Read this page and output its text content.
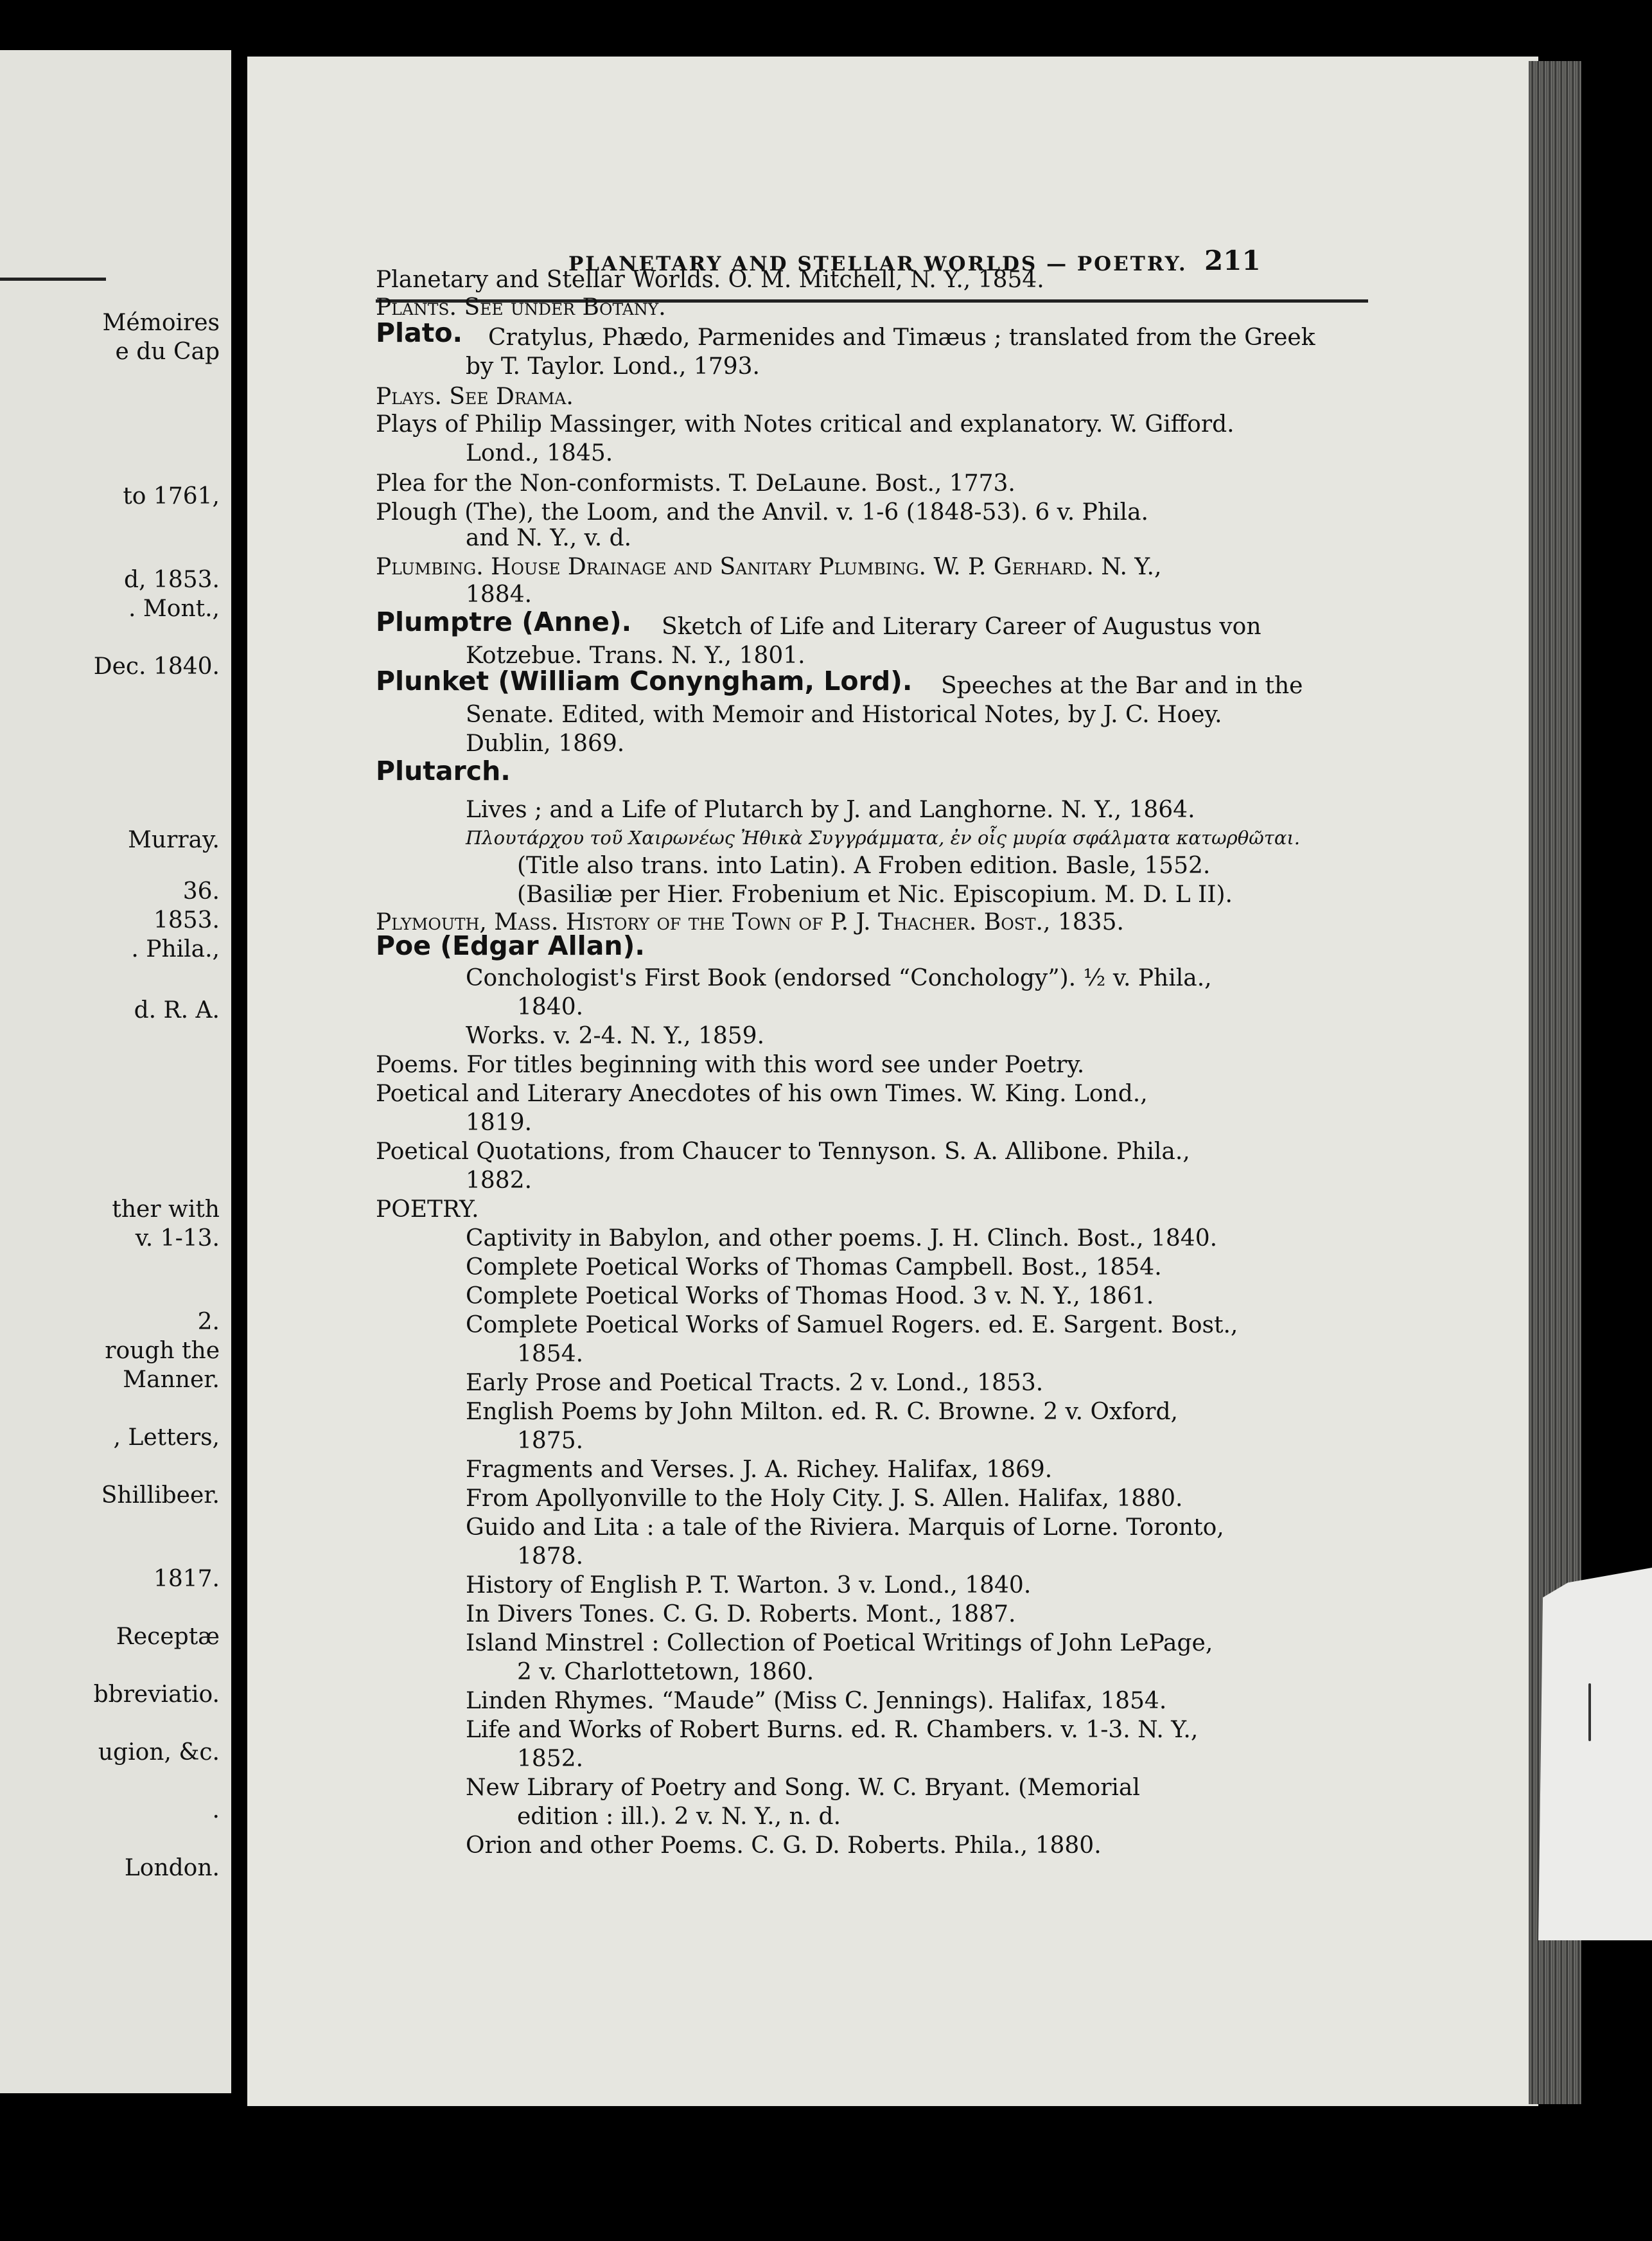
Mémoires
e du Cap
to 1761,
d, 1853.
. Mont.,
Dec. 1840.
Murray.
36.
1853.
. Phila.,
d. R. A.
ther with
v. 1-13.
2.
rough the
Manner.
, Letters,
Shillibeer.
1817.
Receptæ
bbreviatio.
ugion, &c.
.
London.
PLANETARY AND STELLAR WORLDS — POETRY. 211
Planetary and Stellar Worlds. O. M. Mitchell, N. Y., 1854.
Plants. See under Botany.
Plato. Cratylus, Phædo, Parmenides and Timæus ; translated from the Greek
by T. Taylor. Lond., 1793.
Plays. See Drama.
Plays of Philip Massinger, with Notes critical and explanatory. W. Gifford.
Lond., 1845.
Plea for the Non-conformists. T. DeLaune. Bost., 1773.
Plough (The), the Loom, and the Anvil. v. 1-6 (1848-53). 6 v. Phila.
and N. Y., v. d.
Plumbing. House Drainage and Sanitary Plumbing. W. P. Gerhard. N. Y.,
1884.
Plumptre (Anne). Sketch of Life and Literary Career of Augustus von
Kotzebue. Trans. N. Y., 1801.
Plunket (William Conyngham, Lord). Speeches at the Bar and in the
Senate. Edited, with Memoir and Historical Notes, by J. C. Hoey.
Dublin, 1869.
Plutarch.
Lives ; and a Life of Plutarch by J. and Langhorne. N. Y., 1864.
Πλουτάρχου τοῦ Χαιρωνέως Ἠθικὰ Συγγράμματα, ἐν οἷς μυρία σφάλματα κατωρθῶται.
(Title also trans. into Latin). A Froben edition. Basle, 1552.
(Basiliæ per Hier. Frobenium et Nic. Episcopium. M. D. L II).
Plymouth, Mass. History of the Town of P. J. Thacher. Bost., 1835.
Poe (Edgar Allan).
Conchologist's First Book (endorsed “Conchology”). ½ v. Phila.,
1840.
Works. v. 2-4. N. Y., 1859.
Poems. For titles beginning with this word see under Poetry.
Poetical and Literary Anecdotes of his own Times. W. King. Lond.,
1819.
Poetical Quotations, from Chaucer to Tennyson. S. A. Allibone. Phila.,
1882.
POETRY.
Captivity in Babylon, and other poems. J. H. Clinch. Bost., 1840.
Complete Poetical Works of Thomas Campbell. Bost., 1854.
Complete Poetical Works of Thomas Hood. 3 v. N. Y., 1861.
Complete Poetical Works of Samuel Rogers. ed. E. Sargent. Bost.,
1854.
Early Prose and Poetical Tracts. 2 v. Lond., 1853.
English Poems by John Milton. ed. R. C. Browne. 2 v. Oxford,
1875.
Fragments and Verses. J. A. Richey. Halifax, 1869.
From Apollyonville to the Holy City. J. S. Allen. Halifax, 1880.
Guido and Lita : a tale of the Riviera. Marquis of Lorne. Toronto,
1878.
History of English P. T. Warton. 3 v. Lond., 1840.
In Divers Tones. C. G. D. Roberts. Mont., 1887.
Island Minstrel : Collection of Poetical Writings of John LePage,
2 v. Charlottetown, 1860.
Linden Rhymes. “Maude” (Miss C. Jennings). Halifax, 1854.
Life and Works of Robert Burns. ed. R. Chambers. v. 1-3. N. Y.,
1852.
New Library of Poetry and Song. W. C. Bryant. (Memorial
edition : ill.). 2 v. N. Y., n. d.
Orion and other Poems. C. G. D. Roberts. Phila., 1880.
